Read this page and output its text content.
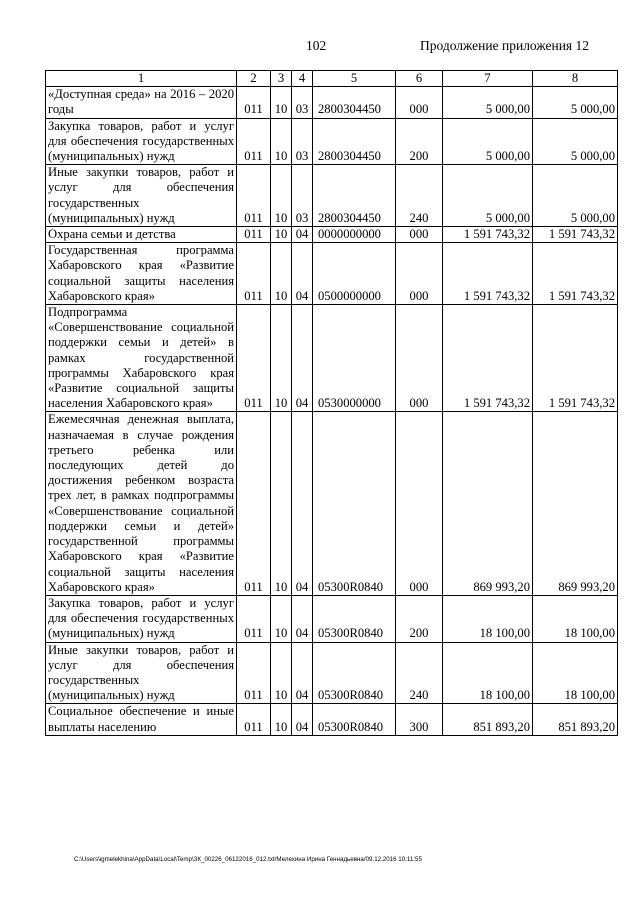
102	Продолжение приложения 12
1	2	3	4	5	6	7	8
«Доступная среда» на 2016 – 2020 годы	011	10	03	2800304450	000	5 000,00	5 000,00
Закупка товаров, работ и услуг для обеспечения государственных (муниципальных) нужд	011	10	03	2800304450	200	5 000,00	5 000,00
Иные закупки товаров, работ и услуг для обеспечения государственных (муниципальных) нужд	011	10	03	2800304450	240	5 000,00	5 000,00
Охрана семьи и детства	011	10	04	0000000000	000	1 591 743,32	1 591 743,32
Государственная программа Хабаровского края «Развитие социальной защиты населения Хабаровского края»	011	10	04	0500000000	000	1 591 743,32	1 591 743,32
Подпрограмма «Совершенствование социальной поддержки семьи и детей» в рамках государственной программы Хабаровского края «Развитие социальной защиты населения Хабаровского края»	011	10	04	0530000000	000	1 591 743,32	1 591 743,32
Ежемесячная денежная выплата, назначаемая в случае рождения третьего ребенка или последующих детей до достижения ребенком возраста трех лет, в рамках подпрограммы «Совершенствование социальной поддержки семьи и детей» государственной программы Хабаровского края «Развитие социальной защиты населения Хабаровского края»	011	10	04	05300R0840	000	869 993,20	869 993,20
Закупка товаров, работ и услуг для обеспечения государственных (муниципальных) нужд	011	10	04	05300R0840	200	18 100,00	18 100,00
Иные закупки товаров, работ и услуг для обеспечения государственных (муниципальных) нужд	011	10	04	05300R0840	240	18 100,00	18 100,00
Социальное обеспечение и иные выплаты населению	011	10	04	05300R0840	300	851 893,20	851 893,20
C:\Users\igmelekhina\AppData\Local\Temp\ЗК_00226_06122016_012.txt/Мелехина Ирина Геннадьевна/09.12.2016 10:11:55
